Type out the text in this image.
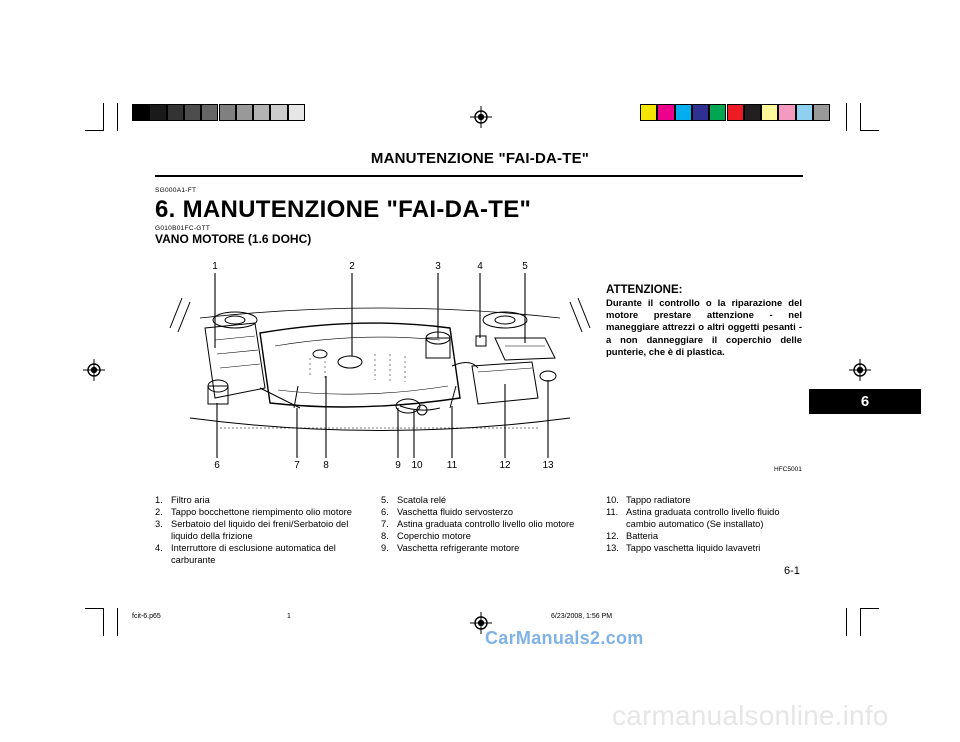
MANUTENZIONE "FAI-DA-TE"
SG000A1-FT
6. MANUTENZIONE "FAI-DA-TE"
G010B01FC-GTT
VANO MOTORE (1.6 DOHC)
1	2	3	4	5
6	7	8	9	10	11	12	13
ATTENZIONE:
Durante il controllo o la riparazione del motore prestare attenzione - nel maneggiare attrezzi o altri oggetti pesanti - a non danneggiare il coperchio delle punterie, che è di plastica.
HFC5001
1. Filtro aria
2. Tappo bocchettone riempimento olio motore
3. Serbatoio del liquido dei freni/Serbatoio del liquido della frizione
4. Interruttore di esclusione automatica del carburante
5. Scatola relé
6. Vaschetta fluido servosterzo
7. Astina graduata controllo livello olio motore
8. Coperchio motore
9. Vaschetta refrigerante motore
10. Tappo radiatore
11. Astina graduata controllo livello fluido cambio automatico (Se installato)
12. Batteria
13. Tappo vaschetta liquido lavavetri
6
6-1
fcit-6.p65	1	6/23/2008, 1:56 PM
CarManuals2.com
carmanualsonline.info
